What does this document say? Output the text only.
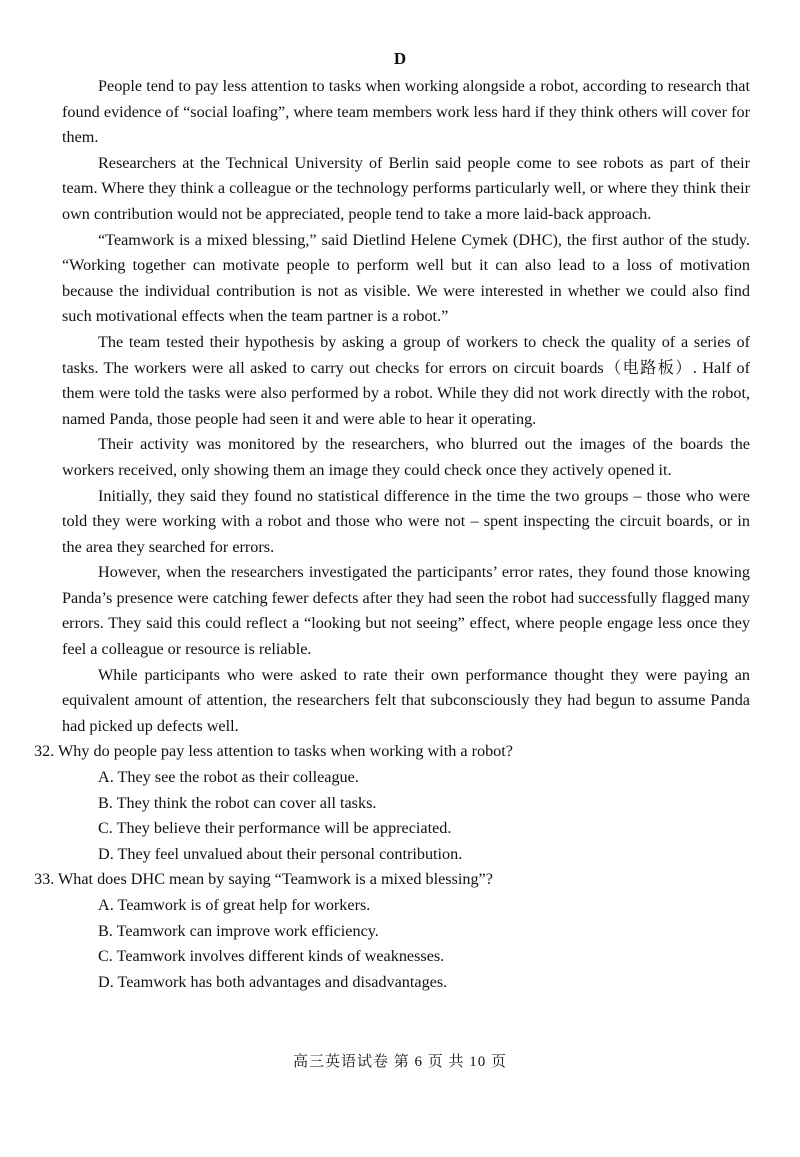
D

People tend to pay less attention to tasks when working alongside a robot, according to research that found evidence of “social loafing”, where team members work less hard if they think others will cover for them.

Researchers at the Technical University of Berlin said people come to see robots as part of their team. Where they think a colleague or the technology performs particularly well, or where they think their own contribution would not be appreciated, people tend to take a more laid-back approach.

“Teamwork is a mixed blessing,” said Dietlind Helene Cymek (DHC), the first author of the study. “Working together can motivate people to perform well but it can also lead to a loss of motivation because the individual contribution is not as visible. We were interested in whether we could also find such motivational effects when the team partner is a robot.”

The team tested their hypothesis by asking a group of workers to check the quality of a series of tasks. The workers were all asked to carry out checks for errors on circuit boards（电路板）. Half of them were told the tasks were also performed by a robot. While they did not work directly with the robot, named Panda, those people had seen it and were able to hear it operating.

Their activity was monitored by the researchers, who blurred out the images of the boards the workers received, only showing them an image they could check once they actively opened it.

Initially, they said they found no statistical difference in the time the two groups – those who were told they were working with a robot and those who were not – spent inspecting the circuit boards, or in the area they searched for errors.

However, when the researchers investigated the participants’ error rates, they found those knowing Panda’s presence were catching fewer defects after they had seen the robot had successfully flagged many errors. They said this could reflect a “looking but not seeing” effect, where people engage less once they feel a colleague or resource is reliable.

While participants who were asked to rate their own performance thought they were paying an equivalent amount of attention, the researchers felt that subconsciously they had begun to assume Panda had picked up defects well.

32. Why do people pay less attention to tasks when working with a robot?

A. They see the robot as their colleague.

B. They think the robot can cover all tasks.

C. They believe their performance will be appreciated.

D. They feel unvalued about their personal contribution.

33. What does DHC mean by saying “Teamwork is a mixed blessing”?

A. Teamwork is of great help for workers.

B. Teamwork can improve work efficiency.

C. Teamwork involves different kinds of weaknesses.

D. Teamwork has both advantages and disadvantages.

高三英语试卷 第 6 页 共 10 页
